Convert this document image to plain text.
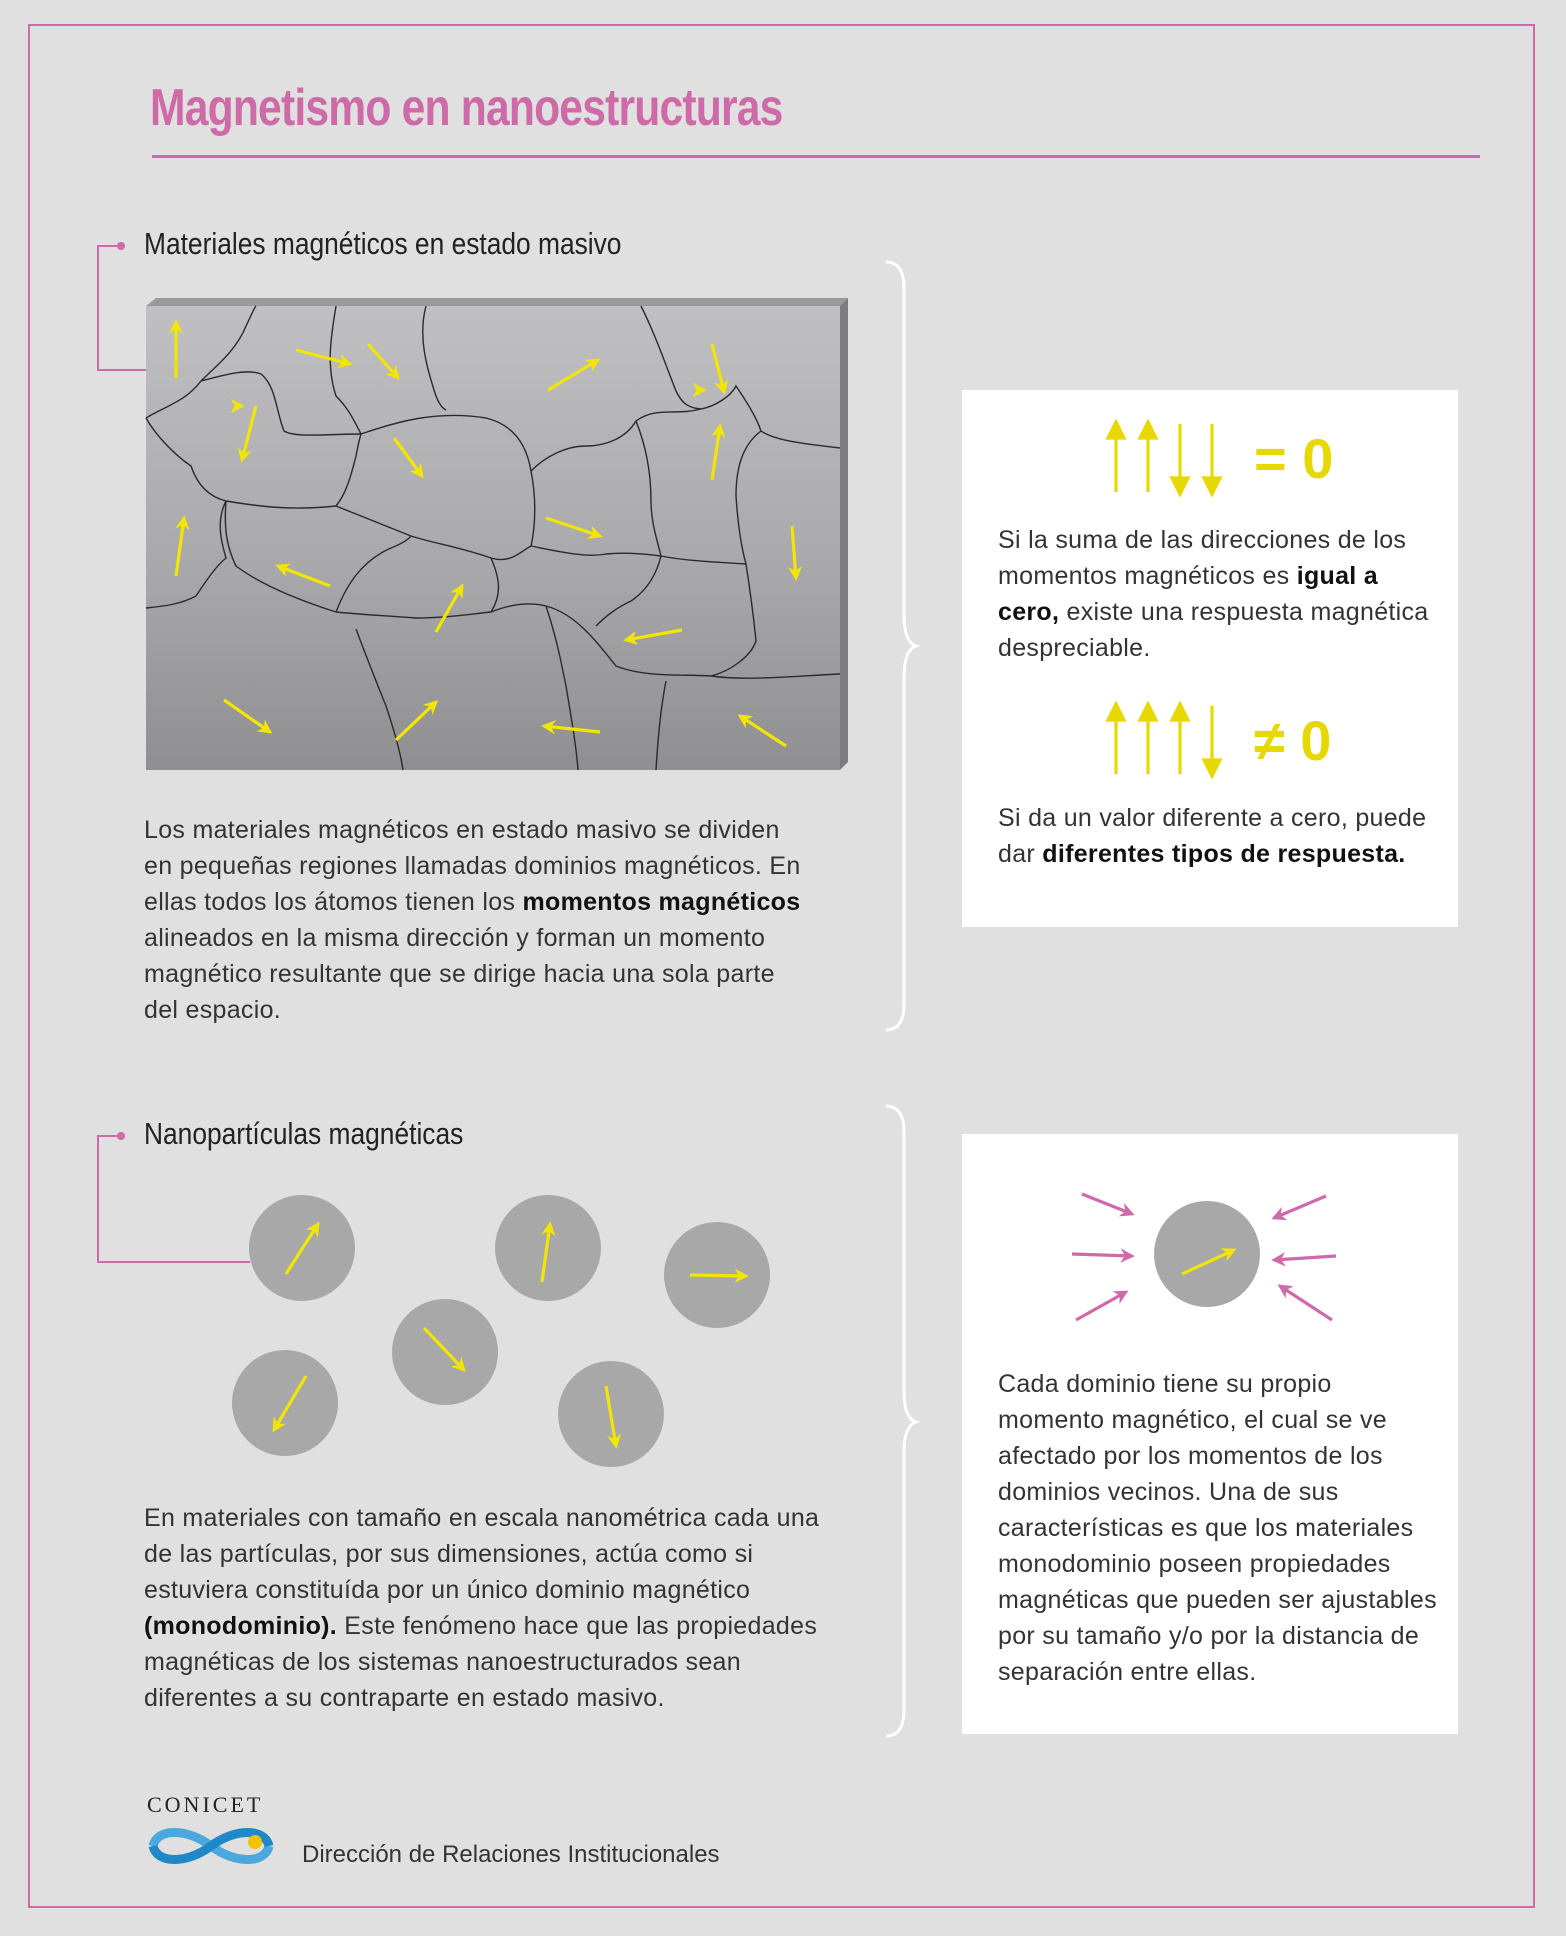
Magnetismo en nanoestructuras
Materiales magnéticos en estado masivo
Los materiales magnéticos en estado masivo se dividen en pequeñas regiones llamadas dominios magnéticos. En ellas todos los átomos tienen los momentos magnéticos alineados en la misma dirección y forman un momento magnético resultante que se dirige hacia una sola parte del espacio.
= 0

Si la suma de las direcciones de los momentos magnéticos es igual a cero, existe una respuesta magnética despreciable.

≠ 0

Si da un valor diferente a cero, puede dar diferentes tipos de respuesta.

Nanopartículas magnéticas
En materiales con tamaño en escala nanométrica cada una de las partículas, por sus dimensiones, actúa como si estuviera constituída por un único dominio magnético (monodominio). Este fenómeno hace que las propiedades magnéticas de los sistemas nanoestructurados sean diferentes a su contraparte en estado masivo.

Cada dominio tiene su propio momento magnético, el cual se ve afectado por los momentos de los dominios vecinos. Una de sus características es que los materiales monodominio poseen propiedades magnéticas que pueden ser ajustables por su tamaño y/o por la distancia de separación entre ellas.

CONICET
Dirección de Relaciones Institucionales
